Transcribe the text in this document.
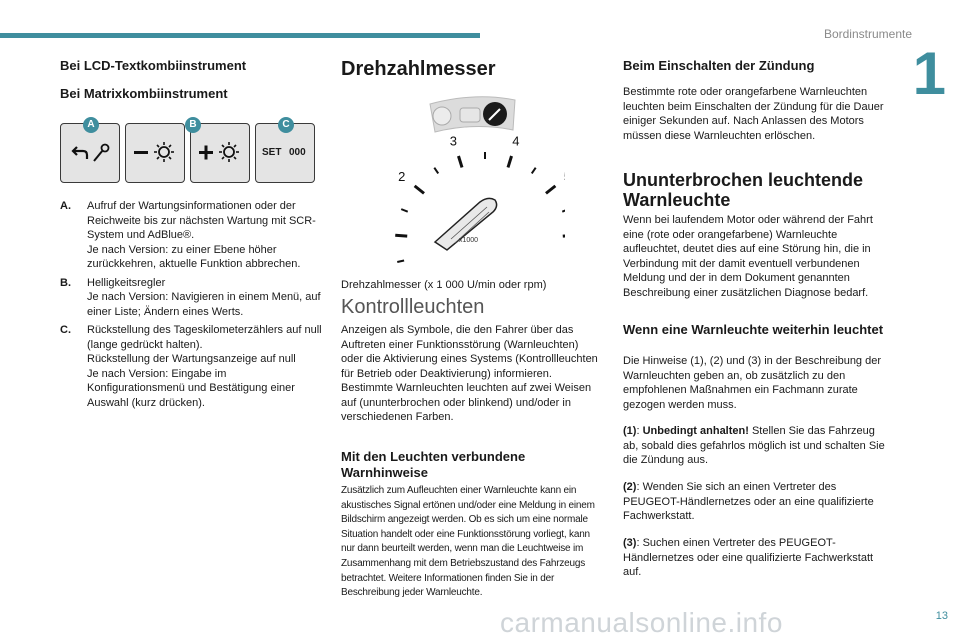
Bordinstrumente
1
13
carmanualsonline.info
Bei LCD-Textkombiinstrument
Bei Matrixkombiinstrument
A	B	C
SET 000
A. Aufruf der Wartungsinformationen oder der Reichweite bis zur nächsten Wartung mit SCR-System und AdBlue®.
Je nach Version: zu einer Ebene höher zurückkehren, aktuelle Funktion abbrechen.

B. Helligkeitsregler
Je nach Version: Navigieren in einem Menü, auf einer Liste; Ändern eines Werts.

C. Rückstellung des Tageskilometerzählers auf null (lange gedrückt halten).
Rückstellung der Wartungsanzeige auf null
Je nach Version: Eingabe im Konfigurationsmenü und Bestätigung einer Auswahl (kurz drücken).

Drehzahlmesser
2
3	4
x1000

Drehzahlmesser (x 1 000 U/min oder rpm)

Kontrollleuchten

Anzeigen als Symbole, die den Fahrer über das Auftreten einer Funktionsstörung (Warnleuchten) oder die Aktivierung eines Systems (Kontrollleuchten für Betrieb oder Deaktivierung) informieren. Bestimmte Warnleuchten leuchten auf zwei Weisen auf (ununterbrochen oder blinkend) und/oder in verschiedenen Farben.

Mit den Leuchten verbundene Warnhinweise

Zusätzlich zum Aufleuchten einer Warnleuchte kann ein akustisches Signal ertönen und/oder eine Meldung in einem Bildschirm angezeigt werden. Ob es sich um eine normale Situation handelt oder eine Funktionsstörung vorliegt, kann nur dann beurteilt werden, wenn man die Leuchtweise im Zusammenhang mit dem Betriebszustand des Fahrzeugs betrachtet. Weitere Informationen finden Sie in der Beschreibung jeder Warnleuchte.

Beim Einschalten der Zündung

Bestimmte rote oder orangefarbene Warnleuchten leuchten beim Einschalten der Zündung für die Dauer einiger Sekunden auf. Nach Anlassen des Motors müssen diese Warnleuchten erlöschen.

Ununterbrochen leuchtende Warnleuchte

Wenn bei laufendem Motor oder während der Fahrt eine (rote oder orangefarbene) Warnleuchte aufleuchtet, deutet dies auf eine Störung hin, die in Verbindung mit der damit eventuell verbundenen Meldung und der in dem Dokument genannten Beschreibung einer zusätzlichen Diagnose bedarf.

Wenn eine Warnleuchte weiterhin leuchtet

Die Hinweise (1), (2) und (3) in der Beschreibung der Warnleuchten geben an, ob zusätzlich zu den empfohlenen Maßnahmen ein Fachmann zurate gezogen werden muss.

(1): Unbedingt anhalten! Stellen Sie das Fahrzeug ab, sobald dies gefahrlos möglich ist und schalten Sie die Zündung aus.

(2): Wenden Sie sich an einen Vertreter des PEUGEOT-Händlernetzes oder an eine qualifizierte Fachwerkstatt.

(3): Suchen einen Vertreter des PEUGEOT-Händlernetzes oder eine qualifizierte Fachwerkstatt auf.
